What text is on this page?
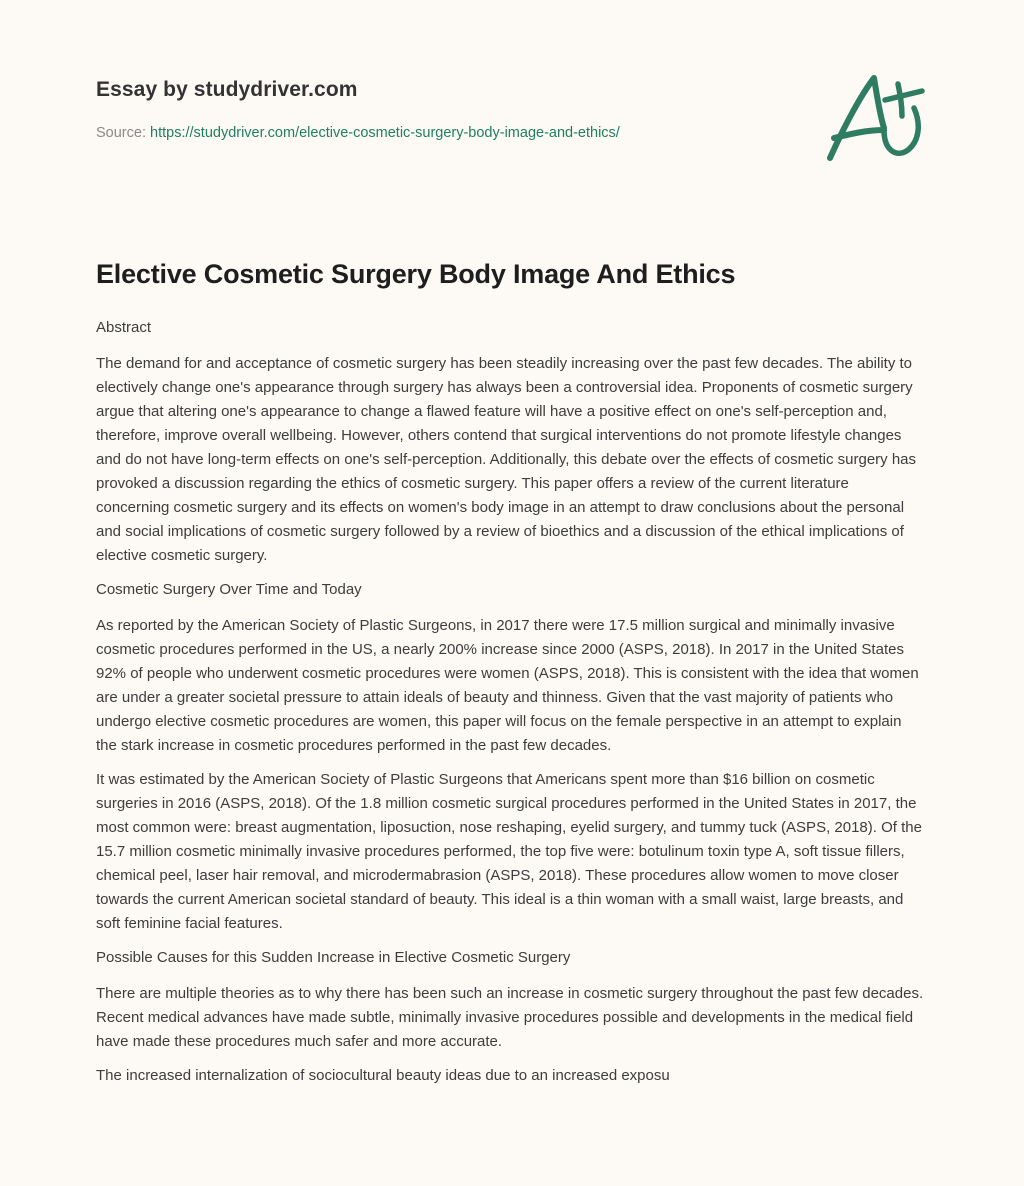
Essay by studydriver.com
Source: https://studydriver.com/elective-cosmetic-surgery-body-image-and-ethics/
Elective Cosmetic Surgery Body Image And Ethics

Abstract

The demand for and acceptance of cosmetic surgery has been steadily increasing over the past few decades. The ability to electively change one's appearance through surgery has always been a controversial idea. Proponents of cosmetic surgery argue that altering one's appearance to change a flawed feature will have a positive effect on one's self-perception and, therefore, improve overall wellbeing. However, others contend that surgical interventions do not promote lifestyle changes and do not have long-term effects on one's self-perception. Additionally, this debate over the effects of cosmetic surgery has provoked a discussion regarding the ethics of cosmetic surgery. This paper offers a review of the current literature concerning cosmetic surgery and its effects on women's body image in an attempt to draw conclusions about the personal and social implications of cosmetic surgery followed by a review of bioethics and a discussion of the ethical implications of elective cosmetic surgery.

Cosmetic Surgery Over Time and Today

As reported by the American Society of Plastic Surgeons, in 2017 there were 17.5 million surgical and minimally invasive cosmetic procedures performed in the US, a nearly 200% increase since 2000 (ASPS, 2018). In 2017 in the United States 92% of people who underwent cosmetic procedures were women (ASPS, 2018). This is consistent with the idea that women are under a greater societal pressure to attain ideals of beauty and thinness. Given that the vast majority of patients who undergo elective cosmetic procedures are women, this paper will focus on the female perspective in an attempt to explain the stark increase in cosmetic procedures performed in the past few decades.

It was estimated by the American Society of Plastic Surgeons that Americans spent more than $16 billion on cosmetic surgeries in 2016 (ASPS, 2018). Of the 1.8 million cosmetic surgical procedures performed in the United States in 2017, the most common were: breast augmentation, liposuction, nose reshaping, eyelid surgery, and tummy tuck (ASPS, 2018). Of the 15.7 million cosmetic minimally invasive procedures performed, the top five were: botulinum toxin type A, soft tissue fillers, chemical peel, laser hair removal, and microdermabrasion (ASPS, 2018). These procedures allow women to move closer towards the current American societal standard of beauty. This ideal is a thin woman with a small waist, large breasts, and soft feminine facial features.

Possible Causes for this Sudden Increase in Elective Cosmetic Surgery

There are multiple theories as to why there has been such an increase in cosmetic surgery throughout the past few decades. Recent medical advances have made subtle, minimally invasive procedures possible and developments in the medical field have made these procedures much safer and more accurate.

The increased internalization of sociocultural beauty ideas due to an increased exposu
